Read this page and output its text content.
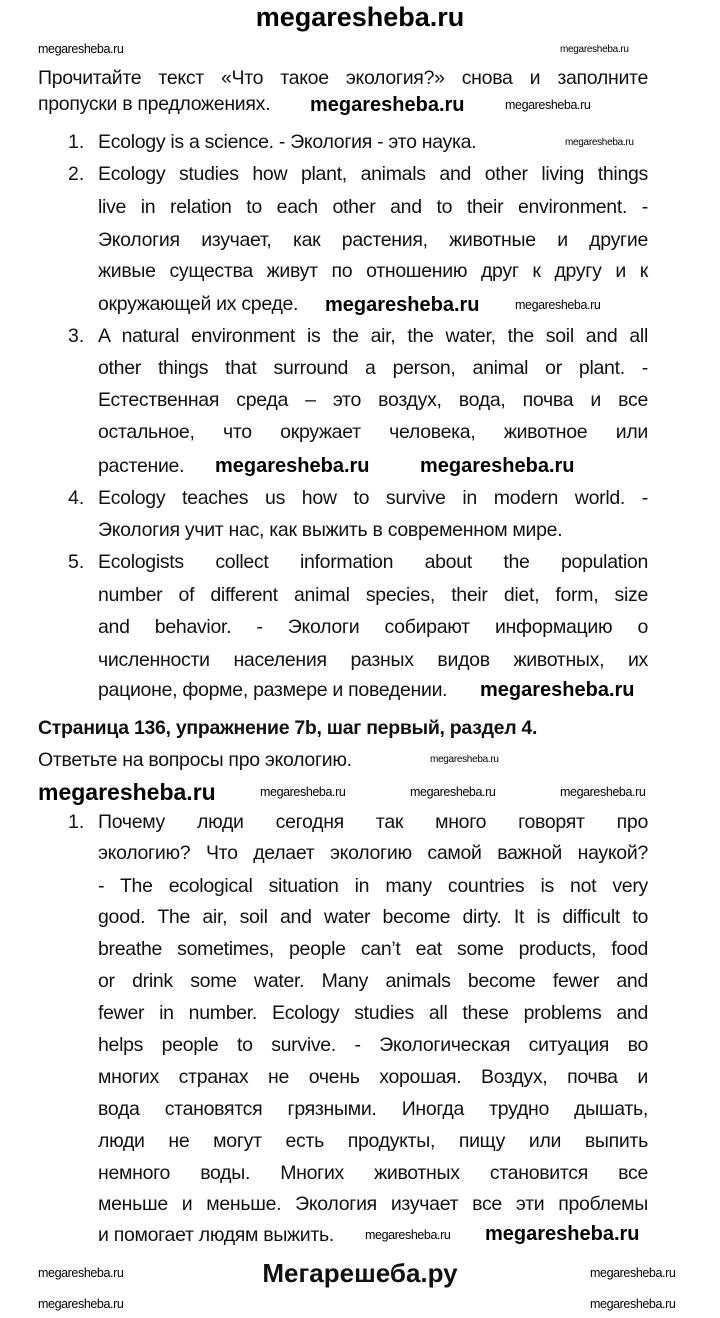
megaresheba.ru
Прочитайте текст «Что такое экология?» снова и заполните
пропуски в предложениях.
1. Ecology is a science. - Экология - это наука.
2. Ecology studies how plant, animals and other living things
live in relation to each other and to their environment. -
Экология изучает, как растения, животные и другие
живые существа живут по отношению друг к другу и к
окружающей их среде.
3. A natural environment is the air, the water, the soil and all
other things that surround a person, animal or plant. -
Естественная среда – это воздух, вода, почва и все
остальное, что окружает человека, животное или
растение.
4. Ecology teaches us how to survive in modern world. -
Экология учит нас, как выжить в современном мире.
5. Ecologists collect information about the population
number of different animal species, their diet, form, size
and behavior. - Экологи собирают информацию о
численности населения разных видов животных, их
рационе, форме, размере и поведении.
Страница 136, упражнение 7b, шаг первый, раздел 4.
Ответьте на вопросы про экологию.
1. Почему люди сегодня так много говорят про
экологию? Что делает экологию самой важной наукой?
- The ecological situation in many countries is not very
good. The air, soil and water become dirty. It is difficult to
breathe sometimes, people can’t eat some products, food
or drink some water. Many animals become fewer and
fewer in number. Ecology studies all these problems and
helps people to survive. - Экологическая ситуация во
многих странах не очень хорошая. Воздух, почва и
вода становятся грязными. Иногда трудно дышать,
люди не могут есть продукты, пищу или выпить
немного воды. Многих животных становится все
меньше и меньше. Экология изучает все эти проблемы
и помогает людям выжить.
megaresheba.ru	megaresheba.ru
megaresheba.ru	megaresheba.ru
megaresheba.ru
megaresheba.ru	megaresheba.ru
megaresheba.ru	megaresheba.ru
megaresheba.ru
megaresheba.ru
megaresheba.ru	megaresheba.ru	megaresheba.ru	megaresheba.ru
megaresheba.ru megaresheba.ru
megaresheba.ru	megaresheba.ru
megaresheba.ru	megaresheba.ru
Мегарешеба.ру
